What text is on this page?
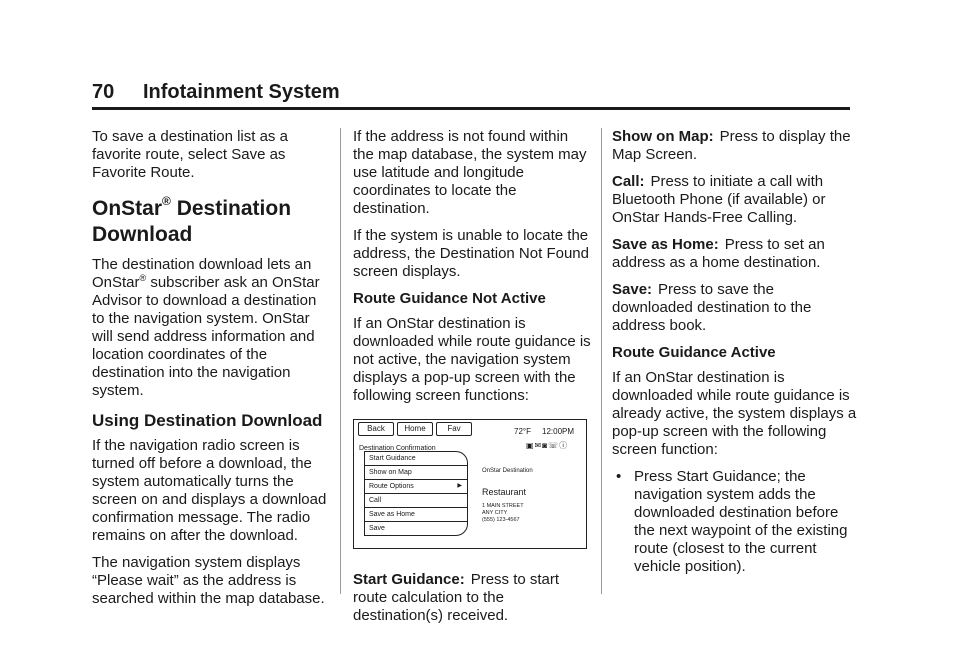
70 Infotainment System

To save a destination list as a favorite route, select Save as Favorite Route.

OnStar® Destination Download

The destination download lets an OnStar® subscriber ask an OnStar Advisor to download a destination to the navigation system. OnStar will send address information and location coordinates of the destination into the navigation system.

Using Destination Download

If the navigation radio screen is turned off before a download, the system automatically turns the screen on and displays a download confirmation message. The radio remains on after the download.

The navigation system displays “Please wait” as the address is searched within the map database.

If the address is not found within the map database, the system may use latitude and longitude coordinates to locate the destination.

If the system is unable to locate the address, the Destination Not Found screen displays.

Route Guidance Not Active

If an OnStar destination is downloaded while route guidance is not active, the navigation system displays a pop-up screen with the following screen functions:

Back	Home	Fav	72°F 12:00PM
▣✉◙☏ⓘ
Destination Confirmation
Start Guidance
Show on Map
Route Options	▶
Call
Save as Home
Save
OnStar Destination
Restaurant
1 MAIN STREET
ANY CITY
(555) 123-4567

Start Guidance: Press to start route calculation to the destination(s) received.

Show on Map: Press to display the Map Screen.

Call: Press to initiate a call with Bluetooth Phone (if available) or OnStar Hands-Free Calling.

Save as Home: Press to set an address as a home destination.

Save: Press to save the downloaded destination to the address book.

Route Guidance Active

If an OnStar destination is downloaded while route guidance is already active, the system displays a pop-up screen with the following screen function:

• Press Start Guidance; the navigation system adds the downloaded destination before the next waypoint of the existing route (closest to the current vehicle position).
